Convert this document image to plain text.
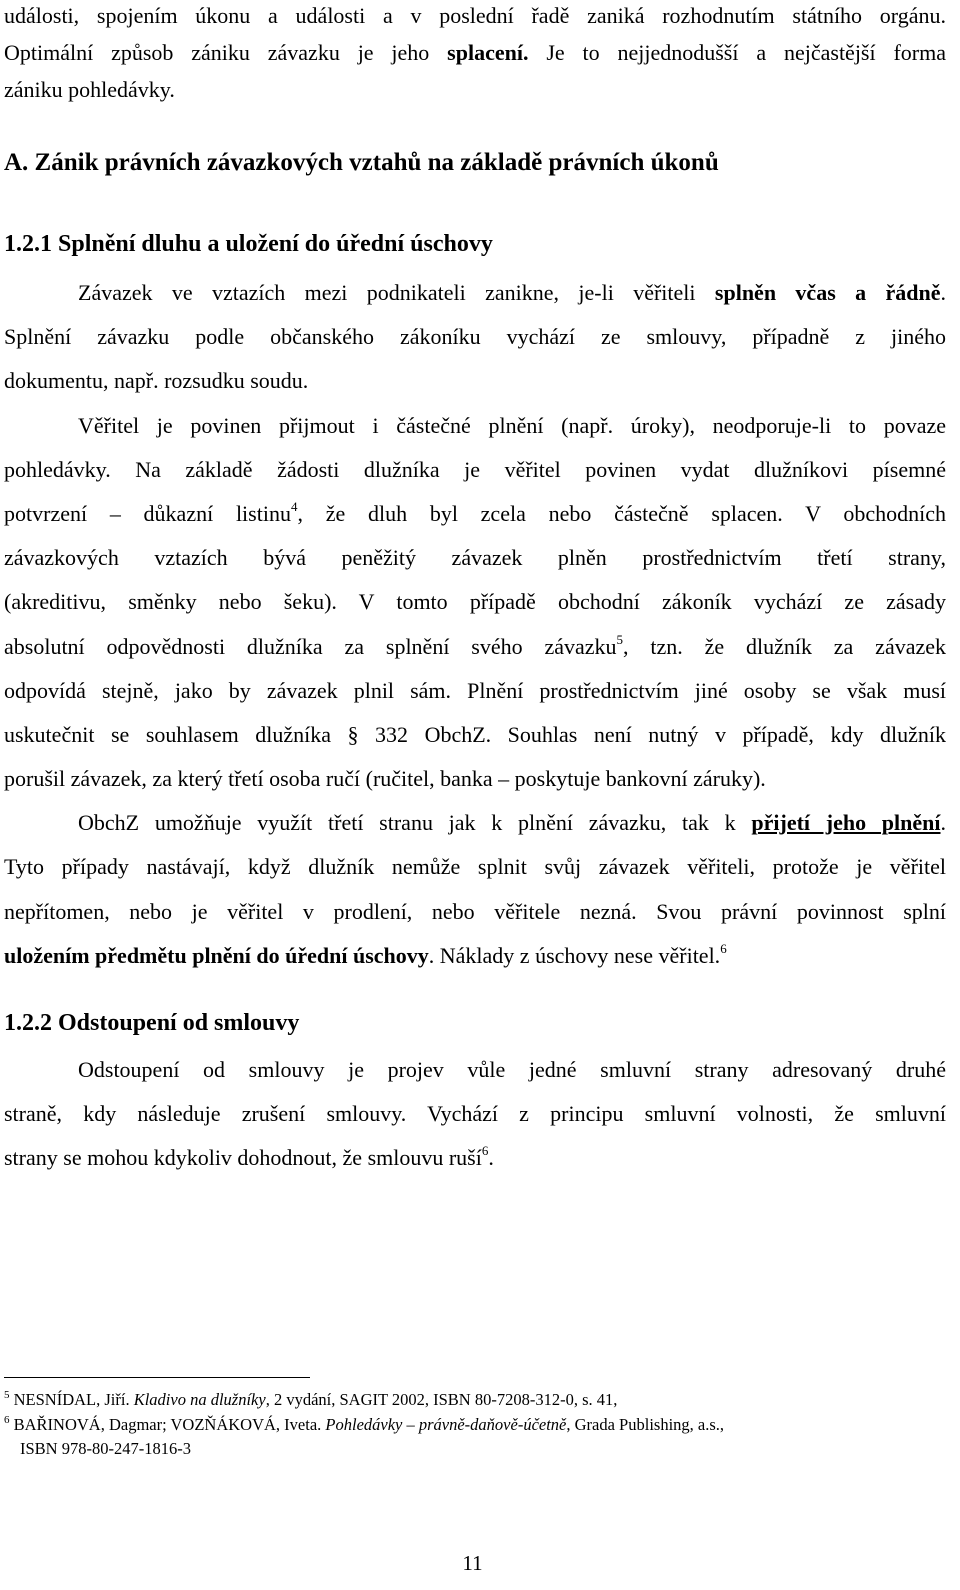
události, spojením úkonu a události a v poslední řadě zaniká rozhodnutím státního orgánu.
Optimální způsob zániku závazku je jeho splacení. Je to nejjednodušší a nejčastější forma
zániku pohledávky.
A. Zánik právních závazkových vztahů na základě právních úkonů
1.2.1 Splnění dluhu a uložení do úřední úschovy
Závazek ve vztazích mezi podnikateli zanikne, je-li věřiteli splněn včas a řádně.
Splnění závazku podle občanského zákoníku vychází ze smlouvy, případně z jiného
dokumentu, např. rozsudku soudu.
Věřitel je povinen přijmout i částečné plnění (např. úroky), neodporuje-li to povaze
pohledávky. Na základě žádosti dlužníka je věřitel povinen vydat dlužníkovi písemné
potvrzení – důkazní listinu$^4$, že dluh byl zcela nebo částečně splacen. V obchodních
závazkových vztazích bývá peněžitý závazek plněn prostřednictvím třetí strany,
(akreditivu, směnky nebo šeku). V tomto případě obchodní zákoník vychází ze zásady
absolutní odpovědnosti dlužníka za splnění svého závazku$^5$, tzn. že dlužník za závazek
odpovídá stejně, jako by závazek plnil sám. Plnění prostřednictvím jiné osoby se však musí
uskutečnit se souhlasem dlužníka § 332 ObchZ. Souhlas není nutný v případě, kdy dlužník
porušil závazek, za který třetí osoba ručí (ručitel, banka – poskytuje bankovní záruky).
ObchZ umožňuje využít třetí stranu jak k plnění závazku, tak k přijetí jeho plnění.
Tyto případy nastávají, když dlužník nemůže splnit svůj závazek věřiteli, protože je věřitel
nepřítomen, nebo je věřitel v prodlení, nebo věřitele nezná. Svou právní povinnost splní
uložením předmětu plnění do úřední úschovy. Náklady z úschovy nese věřitel.$^6$
1.2.2 Odstoupení od smlouvy
Odstoupení od smlouvy je projev vůle jedné smluvní strany adresovaný druhé
straně, kdy následuje zrušení smlouvy. Vychází z principu smluvní volnosti, že smluvní
strany se mohou kdykoliv dohodnout, že smlouvu ruší$^6$.
$^5$ NESNÍDAL, Jiří. Kladivo na dlužníky, 2 vydání, SAGIT 2002, ISBN 80-7208-312-0, s. 41,
$^6$ BAŘINOVÁ, Dagmar; VOZŇÁKOVÁ, Iveta. Pohledávky – právně-daňově-účetně, Grada Publishing, a.s.,
ISBN 978-80-247-1816-3
11
